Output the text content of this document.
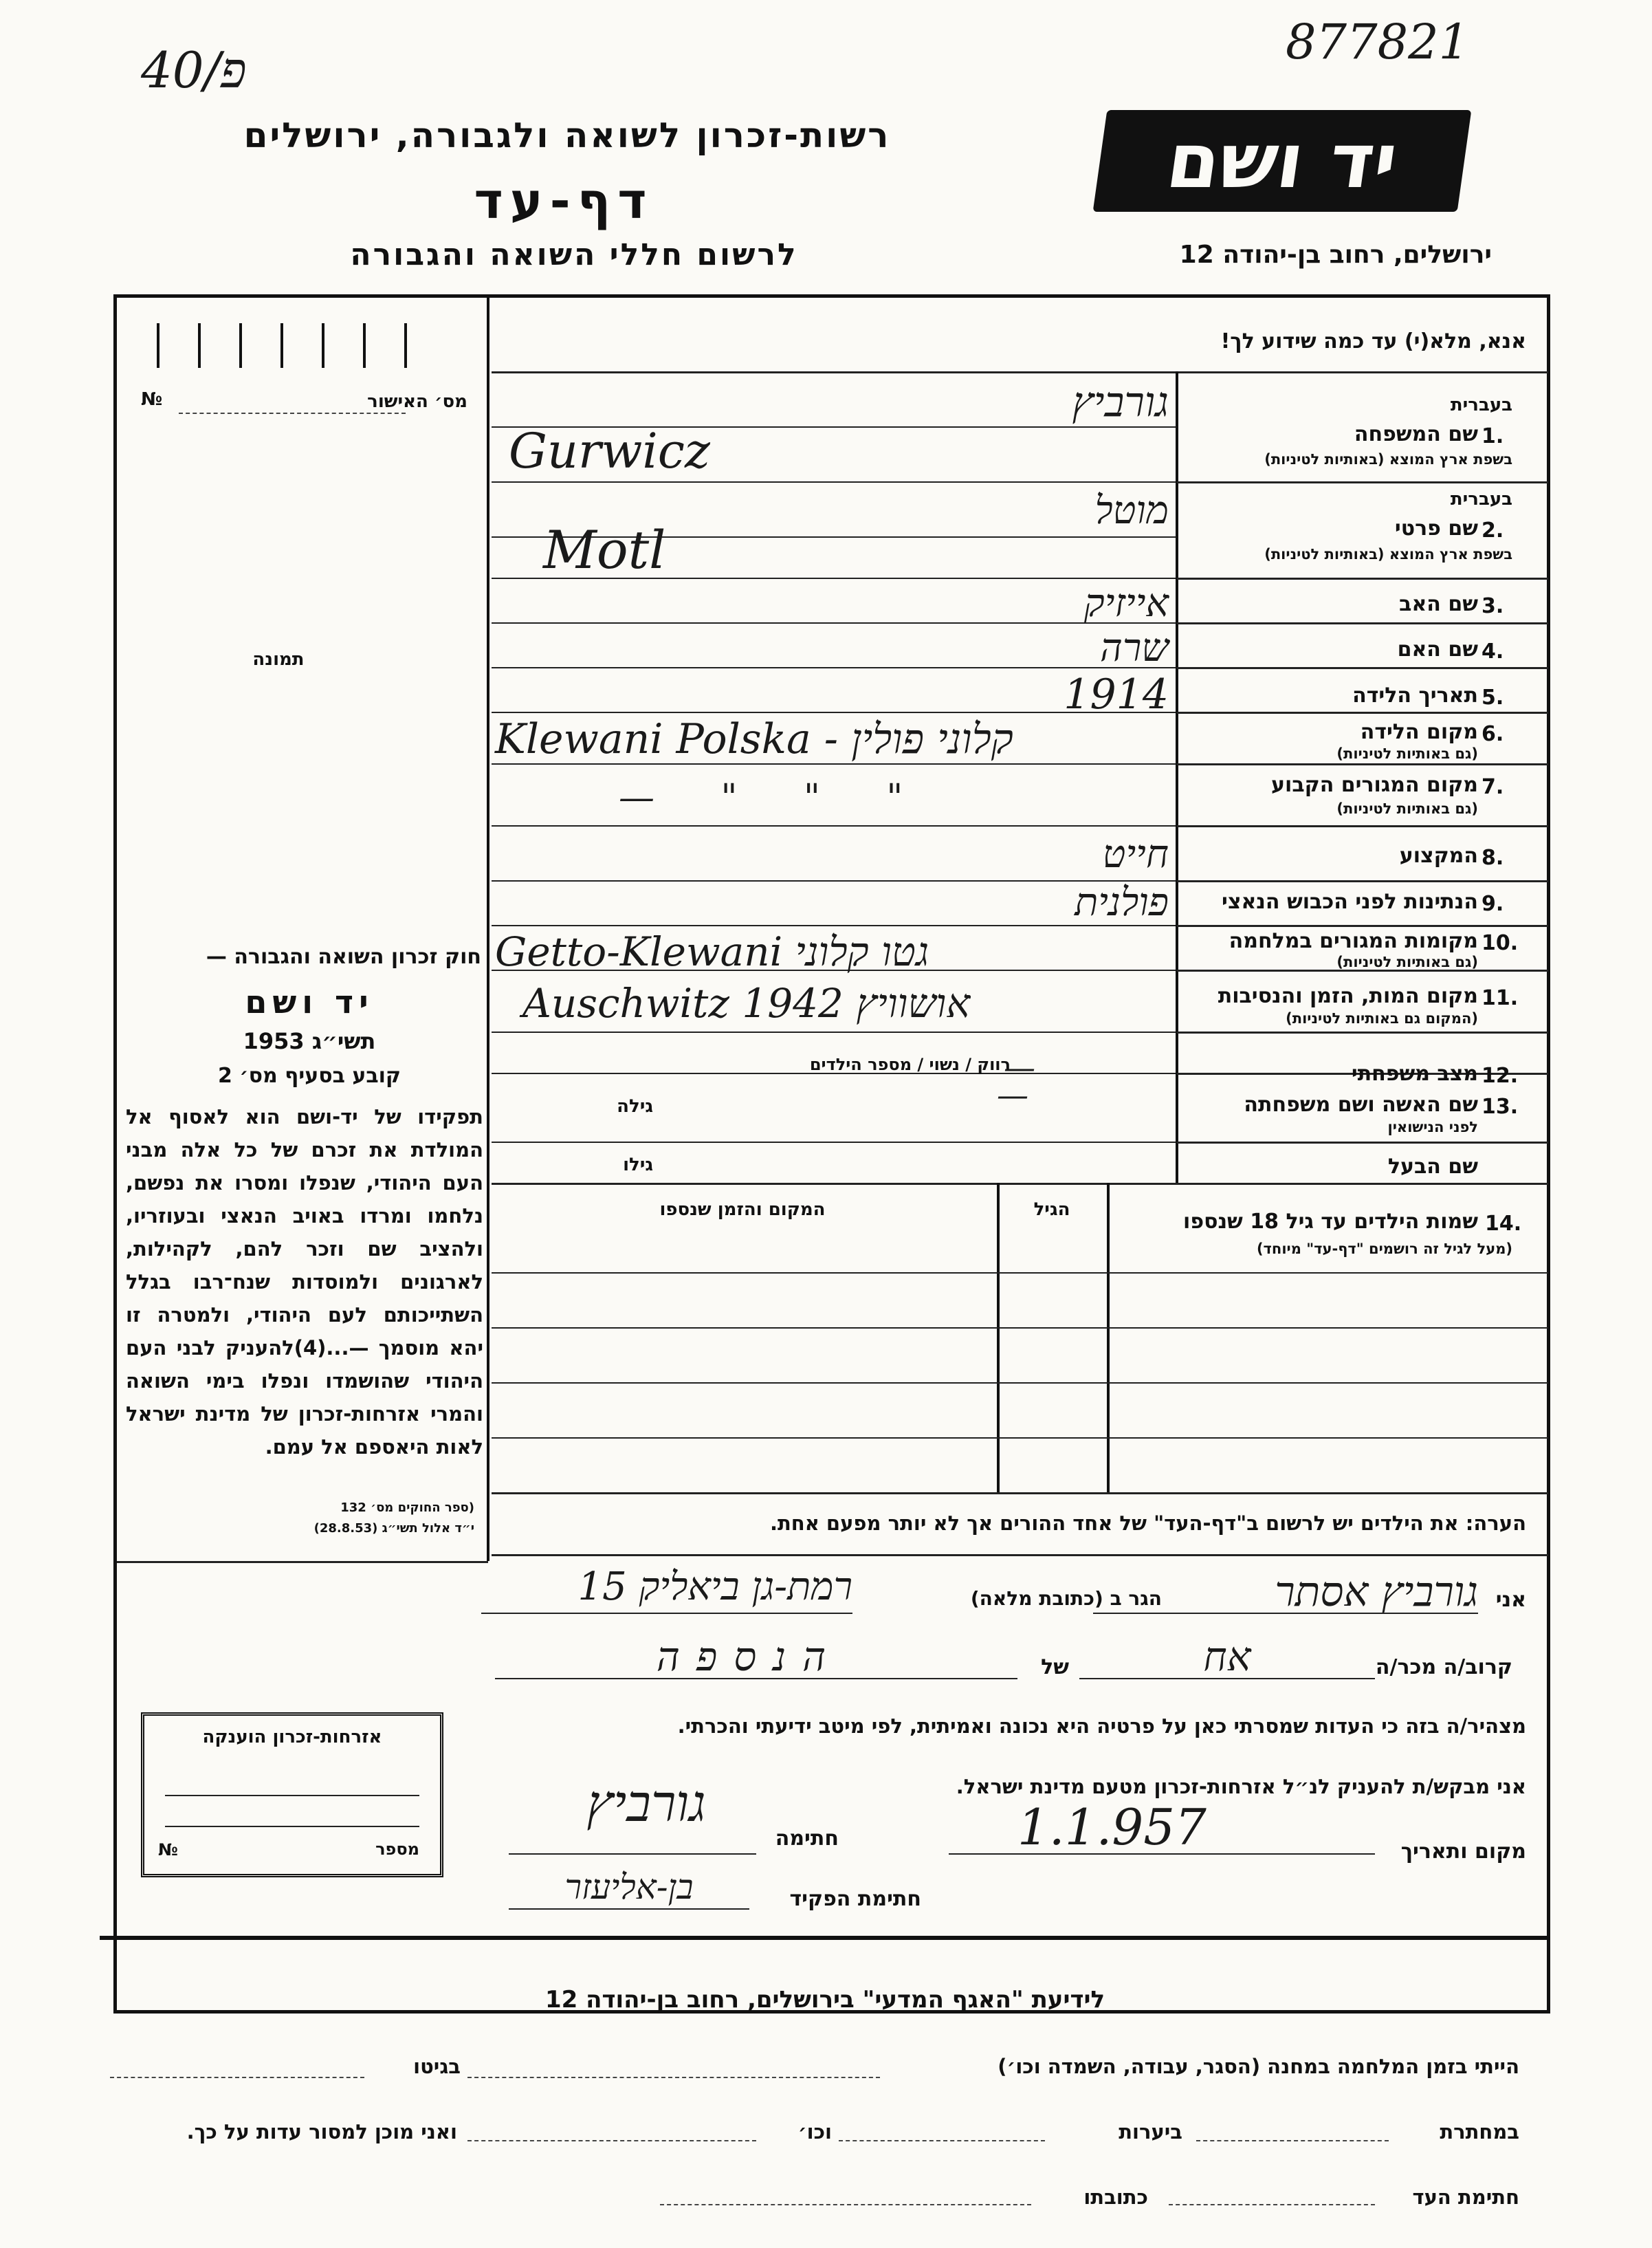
877821
40/פ
רשות-זכרון לשואה ולגבורה, ירושלים
דף-עד
לרשום חללי השואה והגבורה
יד ושם
ירושלים, רחוב בן-יהודה 12
מס׳ האישור
№
תמונה
חוק זכרון השואה והגבורה —
יד ושם
תשי״ג 1953
קובע בסעיף מס׳ 2
תפקידו של יד-ושם הוא לאסוף אל המולדת את זכרם של כל אלה מבני העם היהודי, שנפלו ומסרו את נפשם, נלחמו ומרדו באויב הנאצי ובעוזריו, ולהציב שם וזכר להם, לקהילות, לארגונים ולמוסדות שנח־רבו בגלל השתייכותם לעם היהודי, ולמטרה זו יהא מוסמך —...(4)להעניק לבני העם היהודי שהושמדו ונפלו בימי השואה והמרי אזרחות-זכרון של מדינת ישראל לאות היאספם אל עמם.
(ספר החוקים מס׳ 132
י״ד אלול תשי״ג (28.8.53)
אנא, מלא(י) עד כמה שידוע לך!
בעברית
שם המשפחה 1.
בשפת ארץ המוצא (באותיות לטיניות)
גורביץ
Gurwicz
בעברית
שם פרטי 2.
בשפת ארץ המוצא (באותיות לטיניות)
מוטל
Motl
שם האב 3.
אייזיק
שם האם 4.
שרה
תאריך הלידה 5.
1914
מקום הלידה 6.
(גם באותיות לטיניות)
Klewani Polska - קלוני פולין
מקום המגורים הקבוע 7.
(גם באותיות לטיניות)
— " " "
המקצוע 8.
חייט
הנתינות לפני הכבוש הנאצי 9.
פולנית
מקומות המגורים במלחמה 10.
(גם באותיות לטיניות)
Getto-Klewani גטו קלוני
מקום המות, הזמן והנסיבות 11.
(המקום גם באותיות לטיניות)
Auschwitz 1942 אושוויץ
מצב משפחתי 12.
רווק / נשוי / מספר הילדים
—
שם האשה ושם משפחתה 13.
לפני הנישואין
גילה	—
שם הבעל
גילו
14.
שמות הילדים עד גיל 18 שנספו
(מעל לגיל זה רושמים "דף-עד" מיוחד)
הגיל
המקום והזמן שנספו
הערה: את הילדים יש לרשום ב"דף-העד" של אחד ההורים אך לא יותר מפעם אחת.
אני
גורביץ אסתר
הגר ב (כתובת מלאה)
רמת-גן ביאליק 15
קרוב/ה מכר/ה
אח
של
הנספה
מצהיר/ה בזה כי העדות שמסרתי כאן על פרטיה היא נכונה ואמיתית, לפי מיטב ידיעתי והכרתי.
אני מבקש/ת להעניק לנ״ל אזרחות-זכרון מטעם מדינת ישראל.
מקום ותאריך
1.1.957
חתימה
גורביץ
חתימת הפקיד
בן-אליעזר
אזרחות-זכרון הוענקה
מספר
№
לידיעת "האגף המדעי" בירושלים, רחוב בן-יהודה 12
הייתי בזמן המלחמה במחנה (הסגר, עבודה, השמדה וכו׳)
בגיטו
במחתרת
ביערות
וכו׳
ואני מוכן למסור עדות על כך.
חתימת העד
כתובתו
